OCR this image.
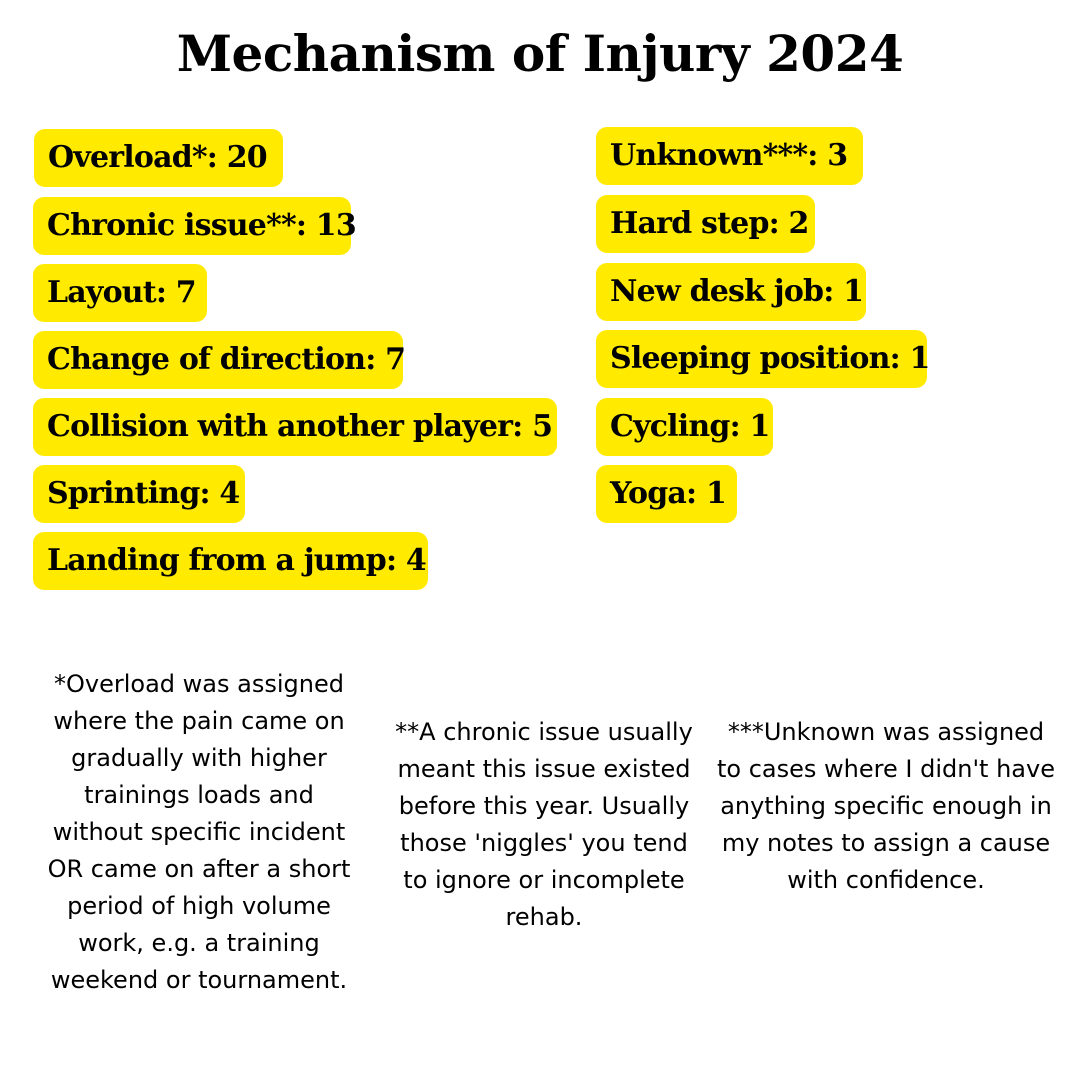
Mechanism of Injury 2024
Overload*: 20
Chronic issue**: 13
Layout: 7
Change of direction: 7
Collision with another player: 5
Sprinting: 4
Landing from a jump: 4
Unknown***: 3
Hard step: 2
New desk job: 1
Sleeping position: 1
Cycling: 1
Yoga: 1
*Overload was assigned where the pain came on gradually with higher trainings loads and without specific incident OR came on after a short period of high volume work, e.g. a training weekend or tournament.
**A chronic issue usually meant this issue existed before this year. Usually those 'niggles' you tend to ignore or incomplete rehab.
***Unknown was assigned to cases where I didn't have anything specific enough in my notes to assign a cause with confidence.
